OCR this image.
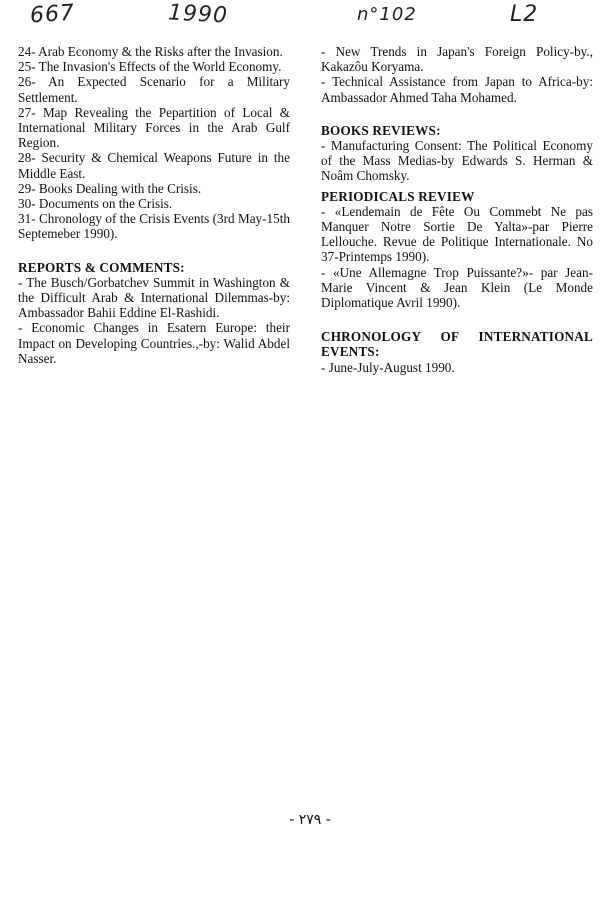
667	1990	n°102	L2

24- Arab Economy & the Risks after the Invasion.

25- The Invasion's Effects of the World Economy.

26- An Expected Scenario for a Military Settlement.

27- Map Revealing the Pepartition of Local & International Military Forces in the Arab Gulf Region.

28- Security & Chemical Weapons Future in the Middle East.

29- Books Dealing with the Crisis.

30- Documents on the Crisis.

31- Chronology of the Crisis Events (3rd May-15th Septemeber 1990).

REPORTS & COMMENTS:

- The Busch/Gorbatchev Summit in Washington & the Difficult Arab & International Dilemmas-by: Ambassador Bahii Eddine El-Rashidi.

- Economic Changes in Esatern Europe: their Impact on Developing Countries.,-by: Walid Abdel Nasser.

- New Trends in Japan's Foreign Policy-by., Kakazôu Koryama.

- Technical Assistance from Japan to Africa-by: Ambassador Ahmed Taha Mohamed.

BOOKS REVIEWS:

- Manufacturing Consent: The Political Economy of the Mass Medias-by Edwards S. Herman & Noâm Chomsky.

PERIODICALS REVIEW

- «Lendemain de Fête Ou Commebt Ne pas Manquer Notre Sortie De Yalta»-par Pierre Lellouche. Revue de Politique Internationale. No 37-Printemps 1990).

- «Une Allemagne Trop Puissante?»- par Jean-Marie Vincent & Jean Klein (Le Monde Diplomatique Avril 1990).

CHRONOLOGY OF INTERNATIONAL EVENTS:

- June-July-August 1990.

- ٢٧٩ -
